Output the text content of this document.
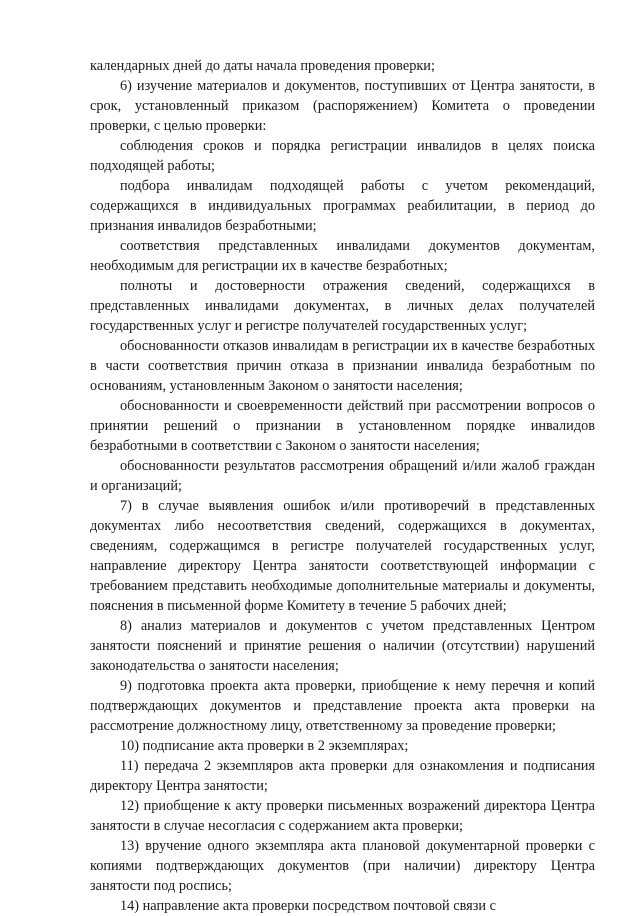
календарных дней до даты начала проведения проверки;

6) изучение материалов и документов, поступивших от Центра занятости, в срок, установленный приказом (распоряжением) Комитета о проведении проверки, с целью проверки:

соблюдения сроков и порядка регистрации инвалидов в целях поиска подходящей работы;

подбора инвалидам подходящей работы с учетом рекомендаций, содержащихся в индивидуальных программах реабилитации, в период до признания инвалидов безработными;

соответствия представленных инвалидами документов документам, необходимым для регистрации их в качестве безработных;

полноты и достоверности отражения сведений, содержащихся в представленных инвалидами документах, в личных делах получателей государственных услуг и регистре получателей государственных услуг;

обоснованности отказов инвалидам в регистрации их в качестве безработных в части соответствия причин отказа в признании инвалида безработным по основаниям, установленным Законом о занятости населения;

обоснованности и своевременности действий при рассмотрении вопросов о принятии решений о признании в установленном порядке инвалидов безработными в соответствии с Законом о занятости населения;

обоснованности результатов рассмотрения обращений и/или жалоб граждан и организаций;

7) в случае выявления ошибок и/или противоречий в представленных документах либо несоответствия сведений, содержащихся в документах, сведениям, содержащимся в регистре получателей государственных услуг, направление директору Центра занятости соответствующей информации с требованием представить необходимые дополнительные материалы и документы, пояснения в письменной форме Комитету в течение 5 рабочих дней;

8) анализ материалов и документов с учетом представленных Центром занятости пояснений и принятие решения о наличии (отсутствии) нарушений законодательства о занятости населения;

9) подготовка проекта акта проверки, приобщение к нему перечня и копий подтверждающих документов и представление проекта акта проверки на рассмотрение должностному лицу, ответственному за проведение проверки;

10) подписание акта проверки в 2 экземплярах;

11) передача 2 экземпляров акта проверки для ознакомления и подписания директору Центра занятости;

12) приобщение к акту проверки письменных возражений директора Центра занятости в случае несогласия с содержанием акта проверки;

13) вручение одного экземпляра акта плановой документарной проверки с копиями подтверждающих документов (при наличии) директору Центра занятости под роспись;

14) направление акта проверки посредством почтовой связи с
